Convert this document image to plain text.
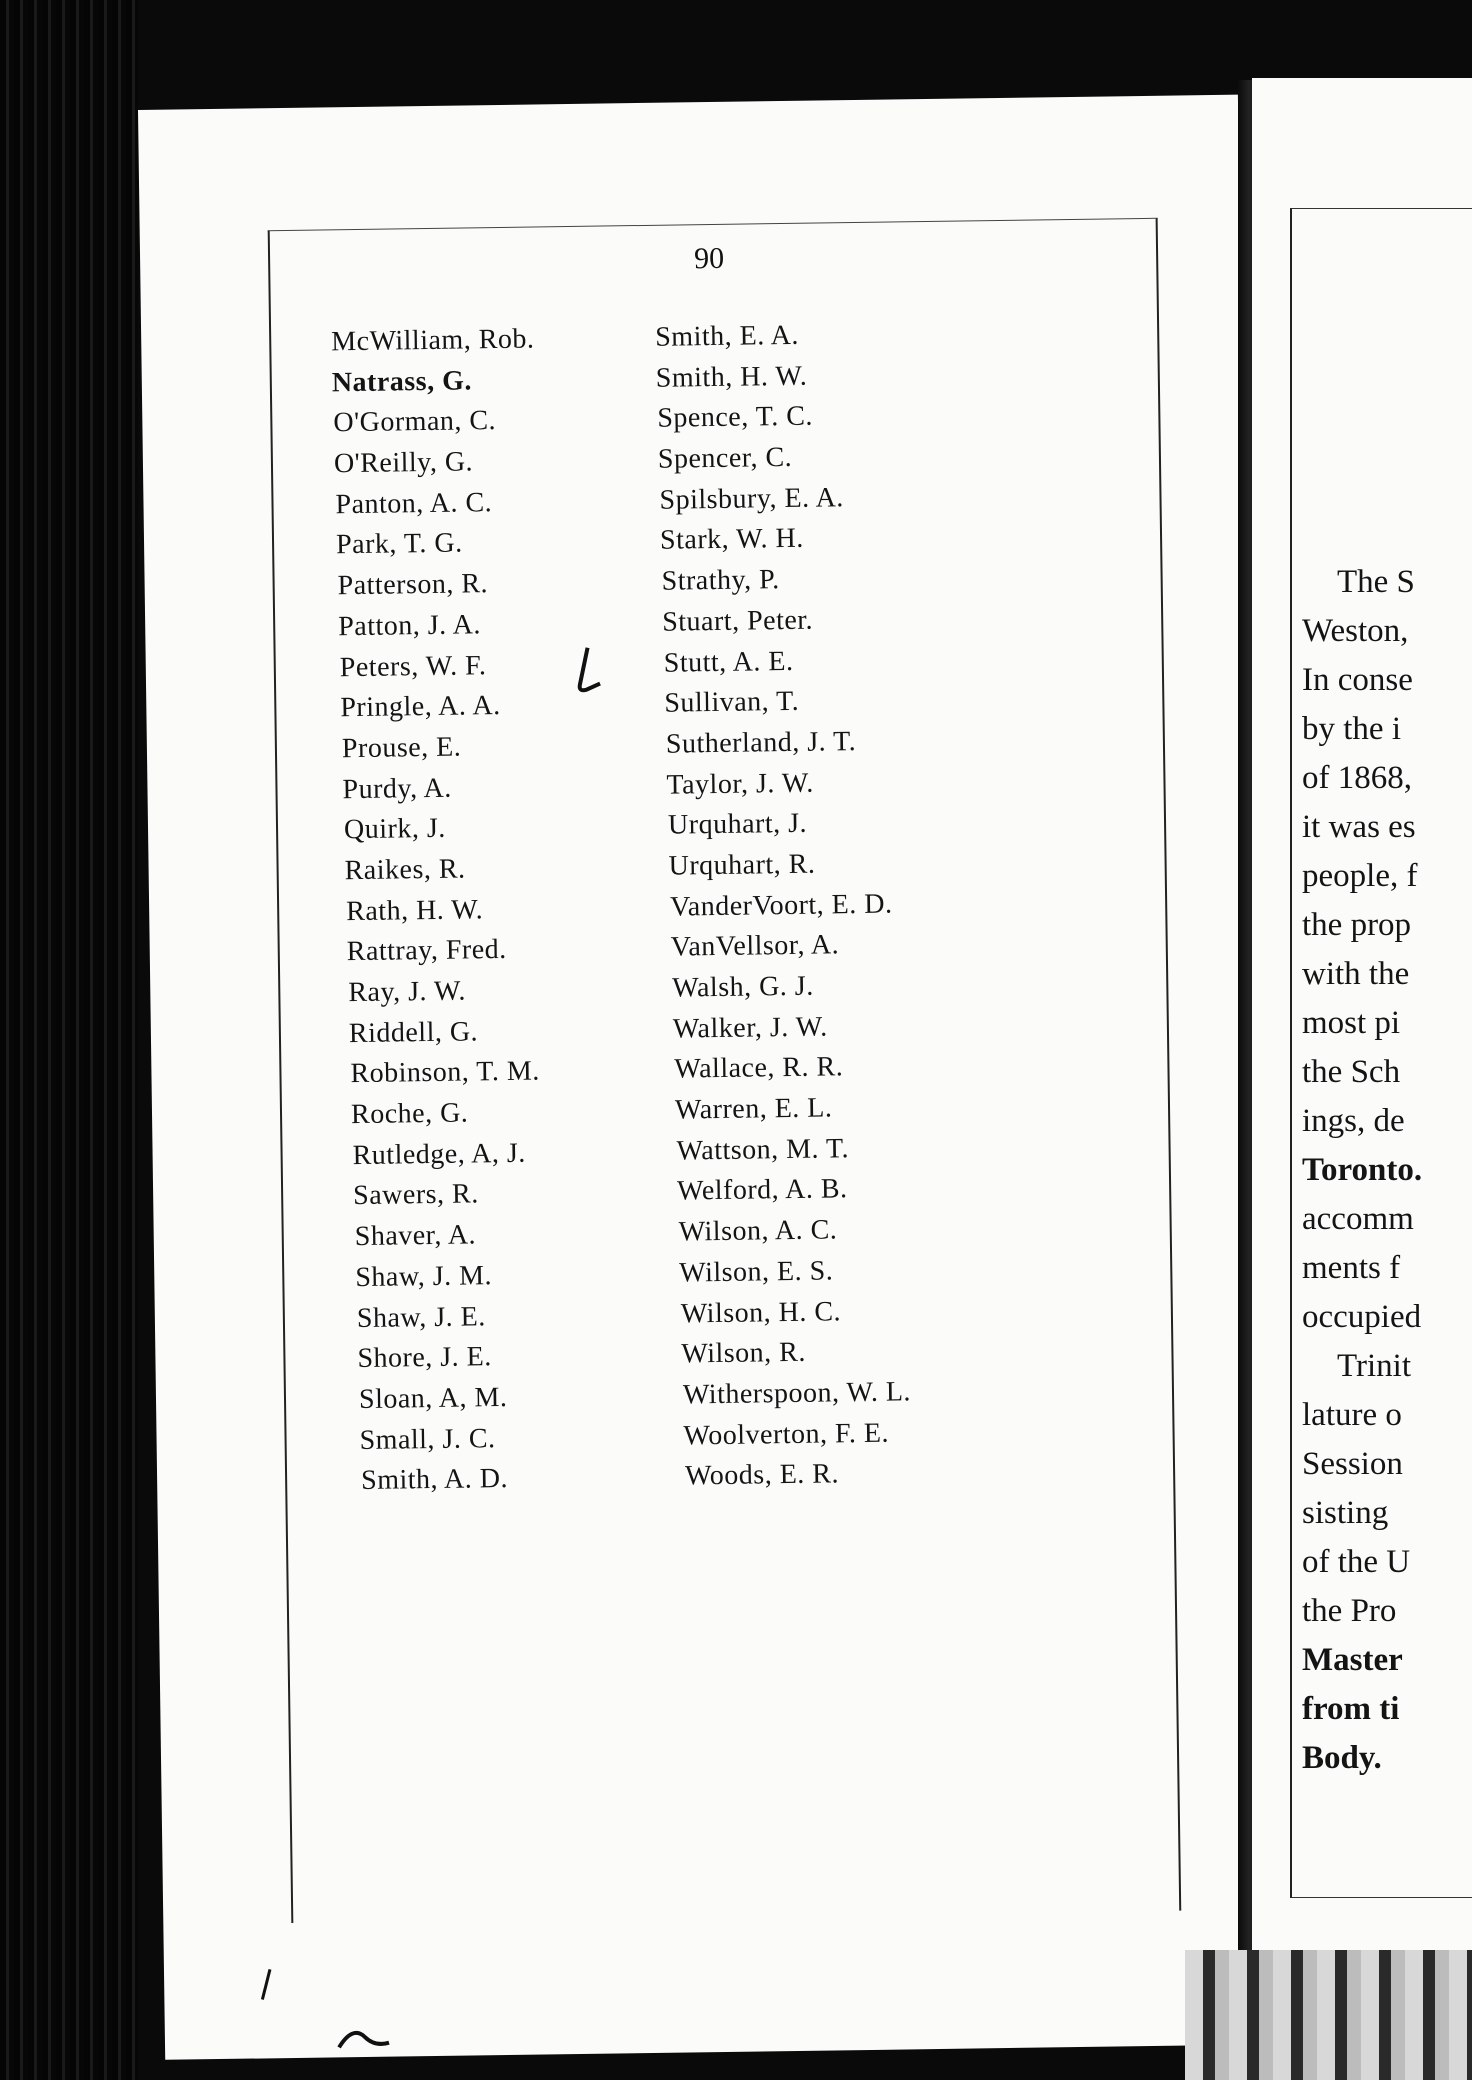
90
McWilliam, Rob.
Natrass, G.
O'Gorman, C.
O'Reilly, G.
Panton, A. C.
Park, T. G.
Patterson, R.
Patton, J. A.
Peters, W. F.
Pringle, A. A.
Prouse, E.
Purdy, A.
Quirk, J.
Raikes, R.
Rath, H. W.
Rattray, Fred.
Ray, J. W.
Riddell, G.
Robinson, T. M.
Roche, G.
Rutledge, A, J.
Sawers, R.
Shaver, A.
Shaw, J. M.
Shaw, J. E.
Shore, J. E.
Sloan, A, M.
Small, J. C.
Smith, A. D.
Smith, E. A.
Smith, H. W.
Spence, T. C.
Spencer, C.
Spilsbury, E. A.
Stark, W. H.
Strathy, P.
Stuart, Peter.
Stutt, A. E.
Sullivan, T.
Sutherland, J. T.
Taylor, J. W.
Urquhart, J.
Urquhart, R.
VanderVoort, E. D.
VanVellsor, A.
Walsh, G. J.
Walker, J. W.
Wallace, R. R.
Warren, E. L.
Wattson, M. T.
Welford, A. B.
Wilson, A. C.
Wilson, E. S.
Wilson, H. C.
Wilson, R.
Witherspoon, W. L.
Woolverton, F. E.
Woods, E. R.
The S
Weston,
In conse
by the i
of 1868,
it was es
people, f
the prop
with the
most pi
the Sch
ings, de
Toronto.
accomm
ments f
occupied
Trinit
lature o
Session
sisting
of the U
the Pro
Master
from ti
Body.
